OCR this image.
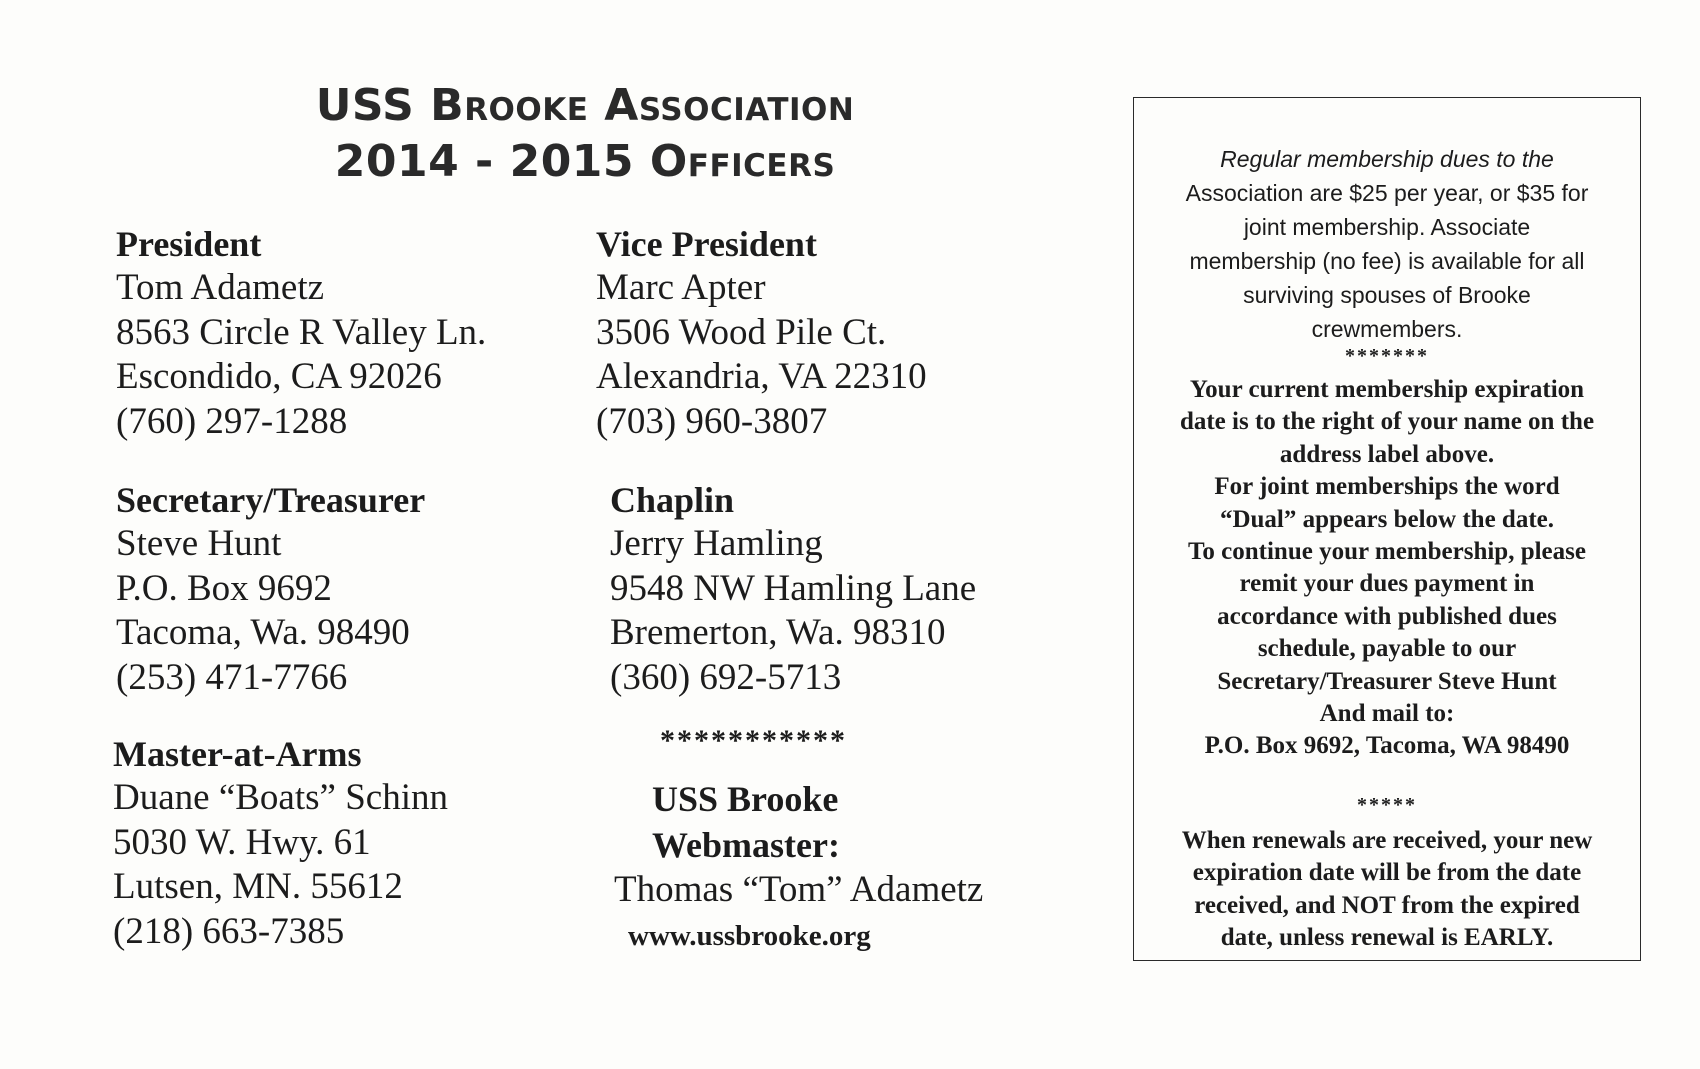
USS Brooke Association
2014 - 2015 Officers
President
Tom Adametz
8563 Circle R Valley Ln.
Escondido, CA 92026
(760) 297-1288
Vice President
Marc Apter
3506 Wood Pile Ct.
Alexandria, VA 22310
(703) 960-3807
Secretary/Treasurer
Steve Hunt
P.O. Box 9692
Tacoma, Wa. 98490
(253) 471-7766
Chaplin
Jerry Hamling
9548 NW Hamling Lane
Bremerton, Wa. 98310
(360) 692-5713
Master-at-Arms
Duane “Boats” Schinn
5030 W. Hwy. 61
Lutsen, MN. 55612
(218) 663-7385
***********
USS Brooke
Webmaster:
Thomas “Tom” Adametz
www.ussbrooke.org
Regular membership dues to the
Association are $25 per year, or $35 for
joint membership. Associate
membership (no fee) is available for all
surviving spouses of Brooke
crewmembers.
*******
Your current membership expiration
date is to the right of your name on the
address label above.
For joint memberships the word
“Dual” appears below the date.
To continue your membership, please
remit your dues payment in
accordance with published dues
schedule, payable to our
Secretary/Treasurer Steve Hunt
And mail to:
P.O. Box 9692, Tacoma, WA 98490
*****
When renewals are received, your new
expiration date will be from the date
received, and NOT from the expired
date, unless renewal is EARLY.
